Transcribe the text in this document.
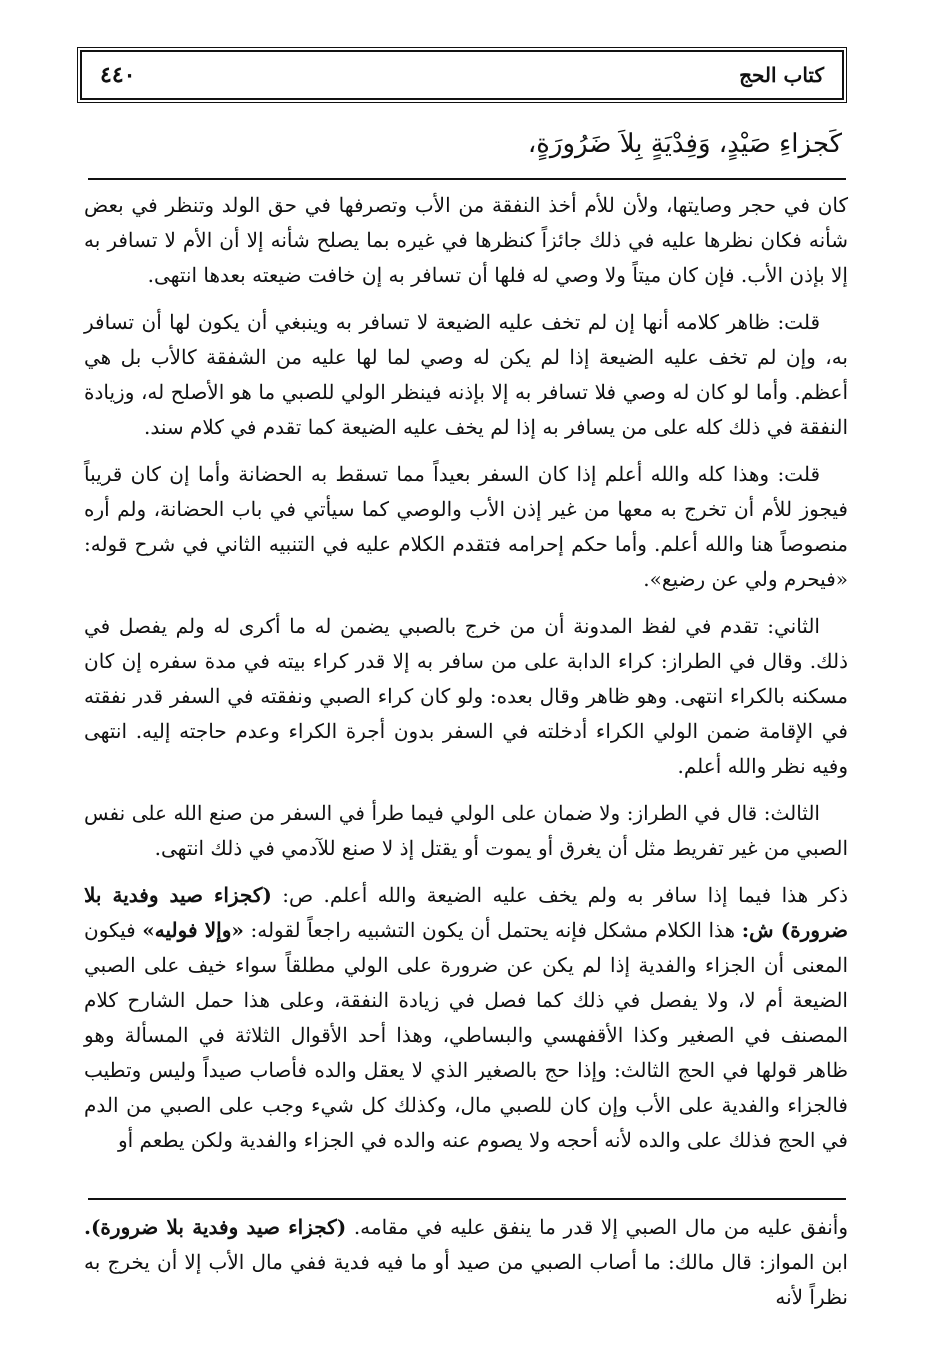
كتاب الحج
٤٤٠
كَجزاءِ صَيْدٍ، وَفِدْيَةٍ بِلاَ ضَرُورَةٍ،

كان في حجر وصايتها، ولأن للأم أخذ النفقة من الأب وتصرفها في حق الولد وتنظر في بعض شأنه فكان نظرها عليه في ذلك جائزاً كنظرها في غيره بما يصلح شأنه إلا أن الأم لا تسافر به إلا بإذن الأب. فإن كان ميتاً ولا وصي له فلها أن تسافر به إن خافت ضيعته بعدها انتهى.

قلت: ظاهر كلامه أنها إن لم تخف عليه الضيعة لا تسافر به وينبغي أن يكون لها أن تسافر به، وإن لم تخف عليه الضيعة إذا لم يكن له وصي لما لها عليه من الشفقة كالأب بل هي أعظم. وأما لو كان له وصي فلا تسافر به إلا بإذنه فينظر الولي للصبي ما هو الأصلح له، وزيادة النفقة في ذلك كله على من يسافر به إذا لم يخف عليه الضيعة كما تقدم في كلام سند.

قلت: وهذا كله والله أعلم إذا كان السفر بعيداً مما تسقط به الحضانة وأما إن كان قريباً فيجوز للأم أن تخرج به معها من غير إذن الأب والوصي كما سيأتي في باب الحضانة، ولم أره منصوصاً هنا والله أعلم. وأما حكم إحرامه فتقدم الكلام عليه في التنبيه الثاني في شرح قوله: «فيحرم ولي عن رضيع».

الثاني: تقدم في لفظ المدونة أن من خرج بالصبي يضمن له ما أكرى له ولم يفصل في ذلك. وقال في الطراز: كراء الدابة على من سافر به إلا قدر كراء بيته في مدة سفره إن كان مسكنه بالكراء انتهى. وهو ظاهر وقال بعده: ولو كان كراء الصبي ونفقته في السفر قدر نفقته في الإقامة ضمن الولي الكراء أدخلته في السفر بدون أجرة الكراء وعدم حاجته إليه. انتهى وفيه نظر والله أعلم.

الثالث: قال في الطراز: ولا ضمان على الولي فيما طرأ في السفر من صنع الله على نفس الصبي من غير تفريط مثل أن يغرق أو يموت أو يقتل إذ لا صنع للآدمي في ذلك انتهى.

ذكر هذا فيما إذا سافر به ولم يخف عليه الضيعة والله أعلم. ص: (كجزاء صيد وفدية بلا ضرورة) ش: هذا الكلام مشكل فإنه يحتمل أن يكون التشبيه راجعاً لقوله: «وإلا فوليه» فيكون المعنى أن الجزاء والفدية إذا لم يكن عن ضرورة على الولي مطلقاً سواء خيف على الصبي الضيعة أم لا، ولا يفصل في ذلك كما فصل في زيادة النفقة، وعلى هذا حمل الشارح كلام المصنف في الصغير وكذا الأقفهسي والبساطي، وهذا أحد الأقوال الثلاثة في المسألة وهو ظاهر قولها في الحج الثالث: وإذا حج بالصغير الذي لا يعقل والده فأصاب صيداً وليس وتطيب فالجزاء والفدية على الأب وإن كان للصبي مال، وكذلك كل شيء وجب على الصبي من الدم في الحج فذلك على والده لأنه أحجه ولا يصوم عنه والده في الجزاء والفدية ولكن يطعم أو

وأنفق عليه من مال الصبي إلا قدر ما ينفق عليه في مقامه. (كجزاء صيد وفدية بلا ضرورة). ابن المواز: قال مالك: ما أصاب الصبي من صيد أو ما فيه فدية ففي مال الأب إلا أن يخرج به نظراً لأنه
